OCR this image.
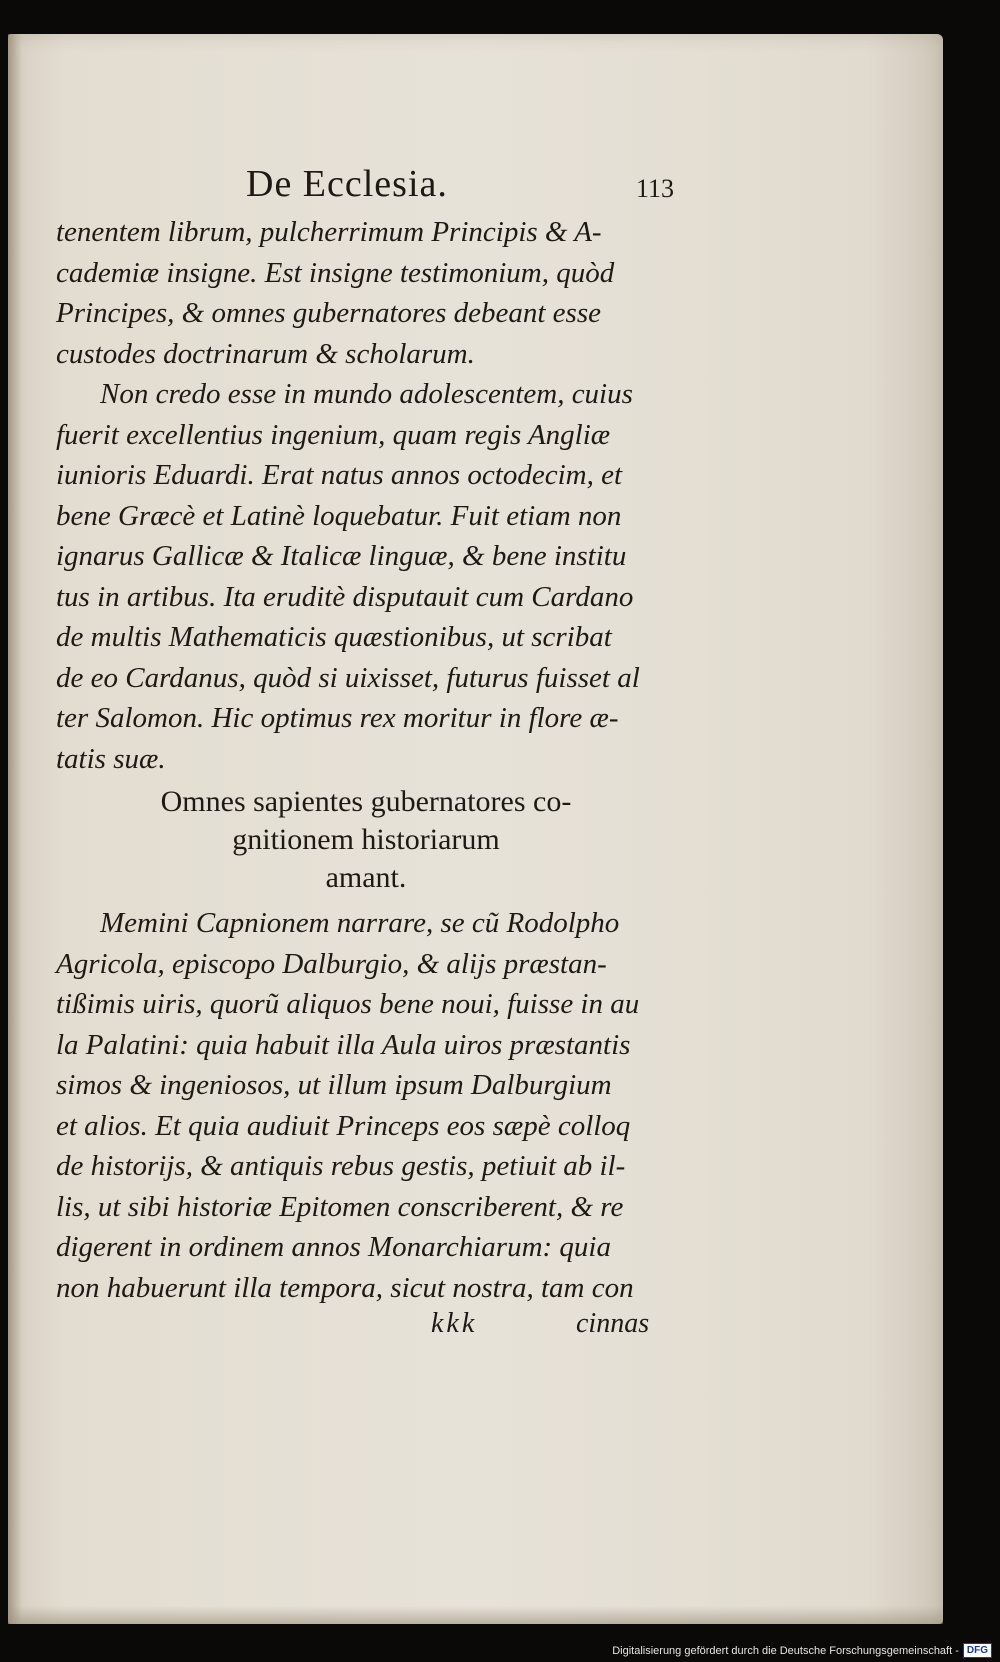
De Ecclesia.	113
tenentem librum, pulcherrimum Principis & A-
cademiæ insigne. Est insigne testimonium, quòd
Principes, & omnes gubernatores debeant esse
custodes doctrinarum & scholarum.
Non credo esse in mundo adolescentem, cuius
fuerit excellentius ingenium, quam regis Angliæ
iunioris Eduardi. Erat natus annos octodecim, et
bene Græcè et Latinè loquebatur. Fuit etiam non
ignarus Gallicæ & Italicæ linguæ, & bene institu
tus in artibus. Ita eruditè disputauit cum Cardano
de multis Mathematicis quæstionibus, ut scribat
de eo Cardanus, quòd si uixisset, futurus fuisset al
ter Salomon. Hic optimus rex moritur in flore æ-
tatis suæ.
Omnes sapientes gubernatores co-
gnitionem historiarum
amant.
Memini Capnionem narrare, se cũ Rodolpho
Agricola, episcopo Dalburgio, & alijs præstan-
tißimis uiris, quorũ aliquos bene noui, fuisse in au
la Palatini: quia habuit illa Aula uiros præstantis
simos & ingeniosos, ut illum ipsum Dalburgium
et alios. Et quia audiuit Princeps eos sæpè colloq
de historijs, & antiquis rebus gestis, petiuit ab il-
lis, ut sibi historiæ Epitomen conscriberent, & re
digerent in ordinem annos Monarchiarum: quia
non habuerunt illa tempora, sicut nostra, tam con
kkk	cinnas
Digitalisierung gefördert durch die Deutsche Forschungsgemeinschaft - DFG
